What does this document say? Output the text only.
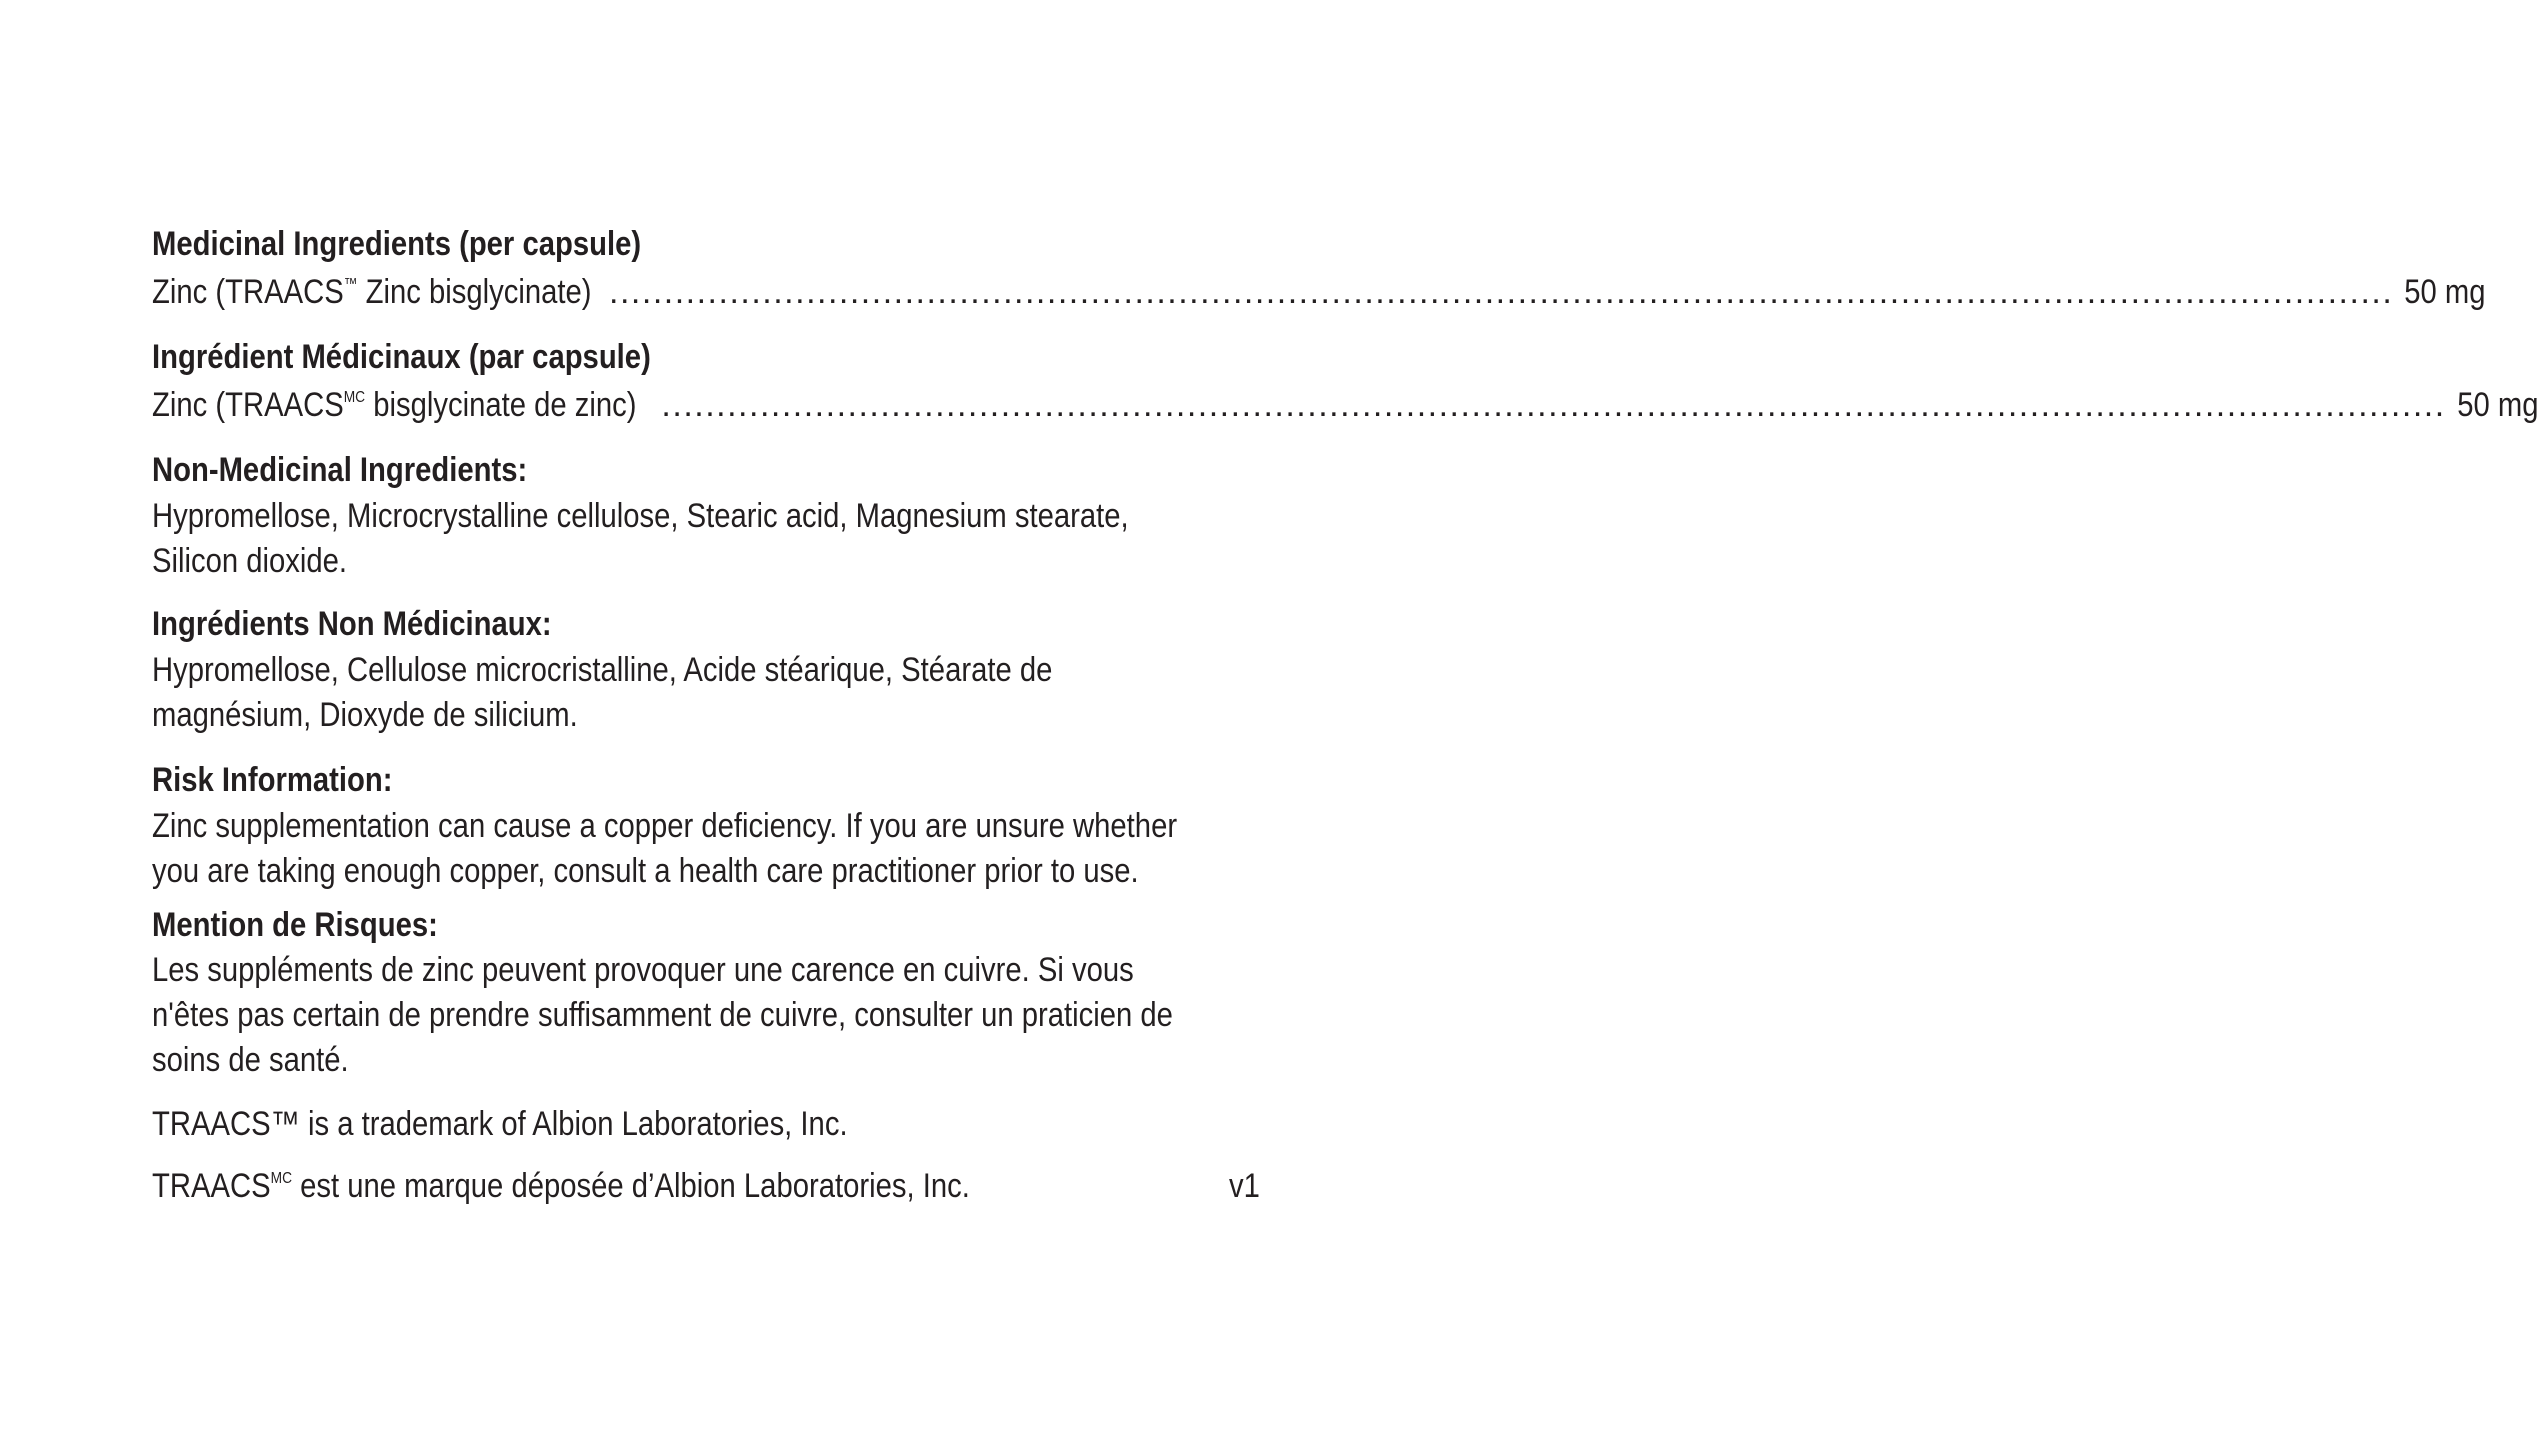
Medicinal Ingredients (per capsule)
Zinc (TRAACS™ Zinc bisglycinate) ................................................................................................................................................................... 50 mg
Ingrédient Médicinaux (par capsule)
Zinc ($TRAACS^{MC}$ bisglycinate de zinc) ................................................................................................................................................................... 50 mg
Non-Medicinal Ingredients:
Hypromellose, Microcrystalline cellulose, Stearic acid, Magnesium stearate,
Silicon dioxide.
Ingrédients Non Médicinaux:
Hypromellose, Cellulose microcristalline, Acide stéarique, Stéarate de
magnésium, Dioxyde de silicium.
Risk Information:
Zinc supplementation can cause a copper deficiency. If you are unsure whether
you are taking enough copper, consult a health care practitioner prior to use.
Mention de Risques:
Les suppléments de zinc peuvent provoquer une carence en cuivre. Si vous
n'êtes pas certain de prendre suffisamment de cuivre, consulter un praticien de
soins de santé.
TRAACS™ is a trademark of Albion Laboratories, Inc.
$TRAACS^{MC}$ est une marque déposée d’Albion Laboratories, Inc.	v1
